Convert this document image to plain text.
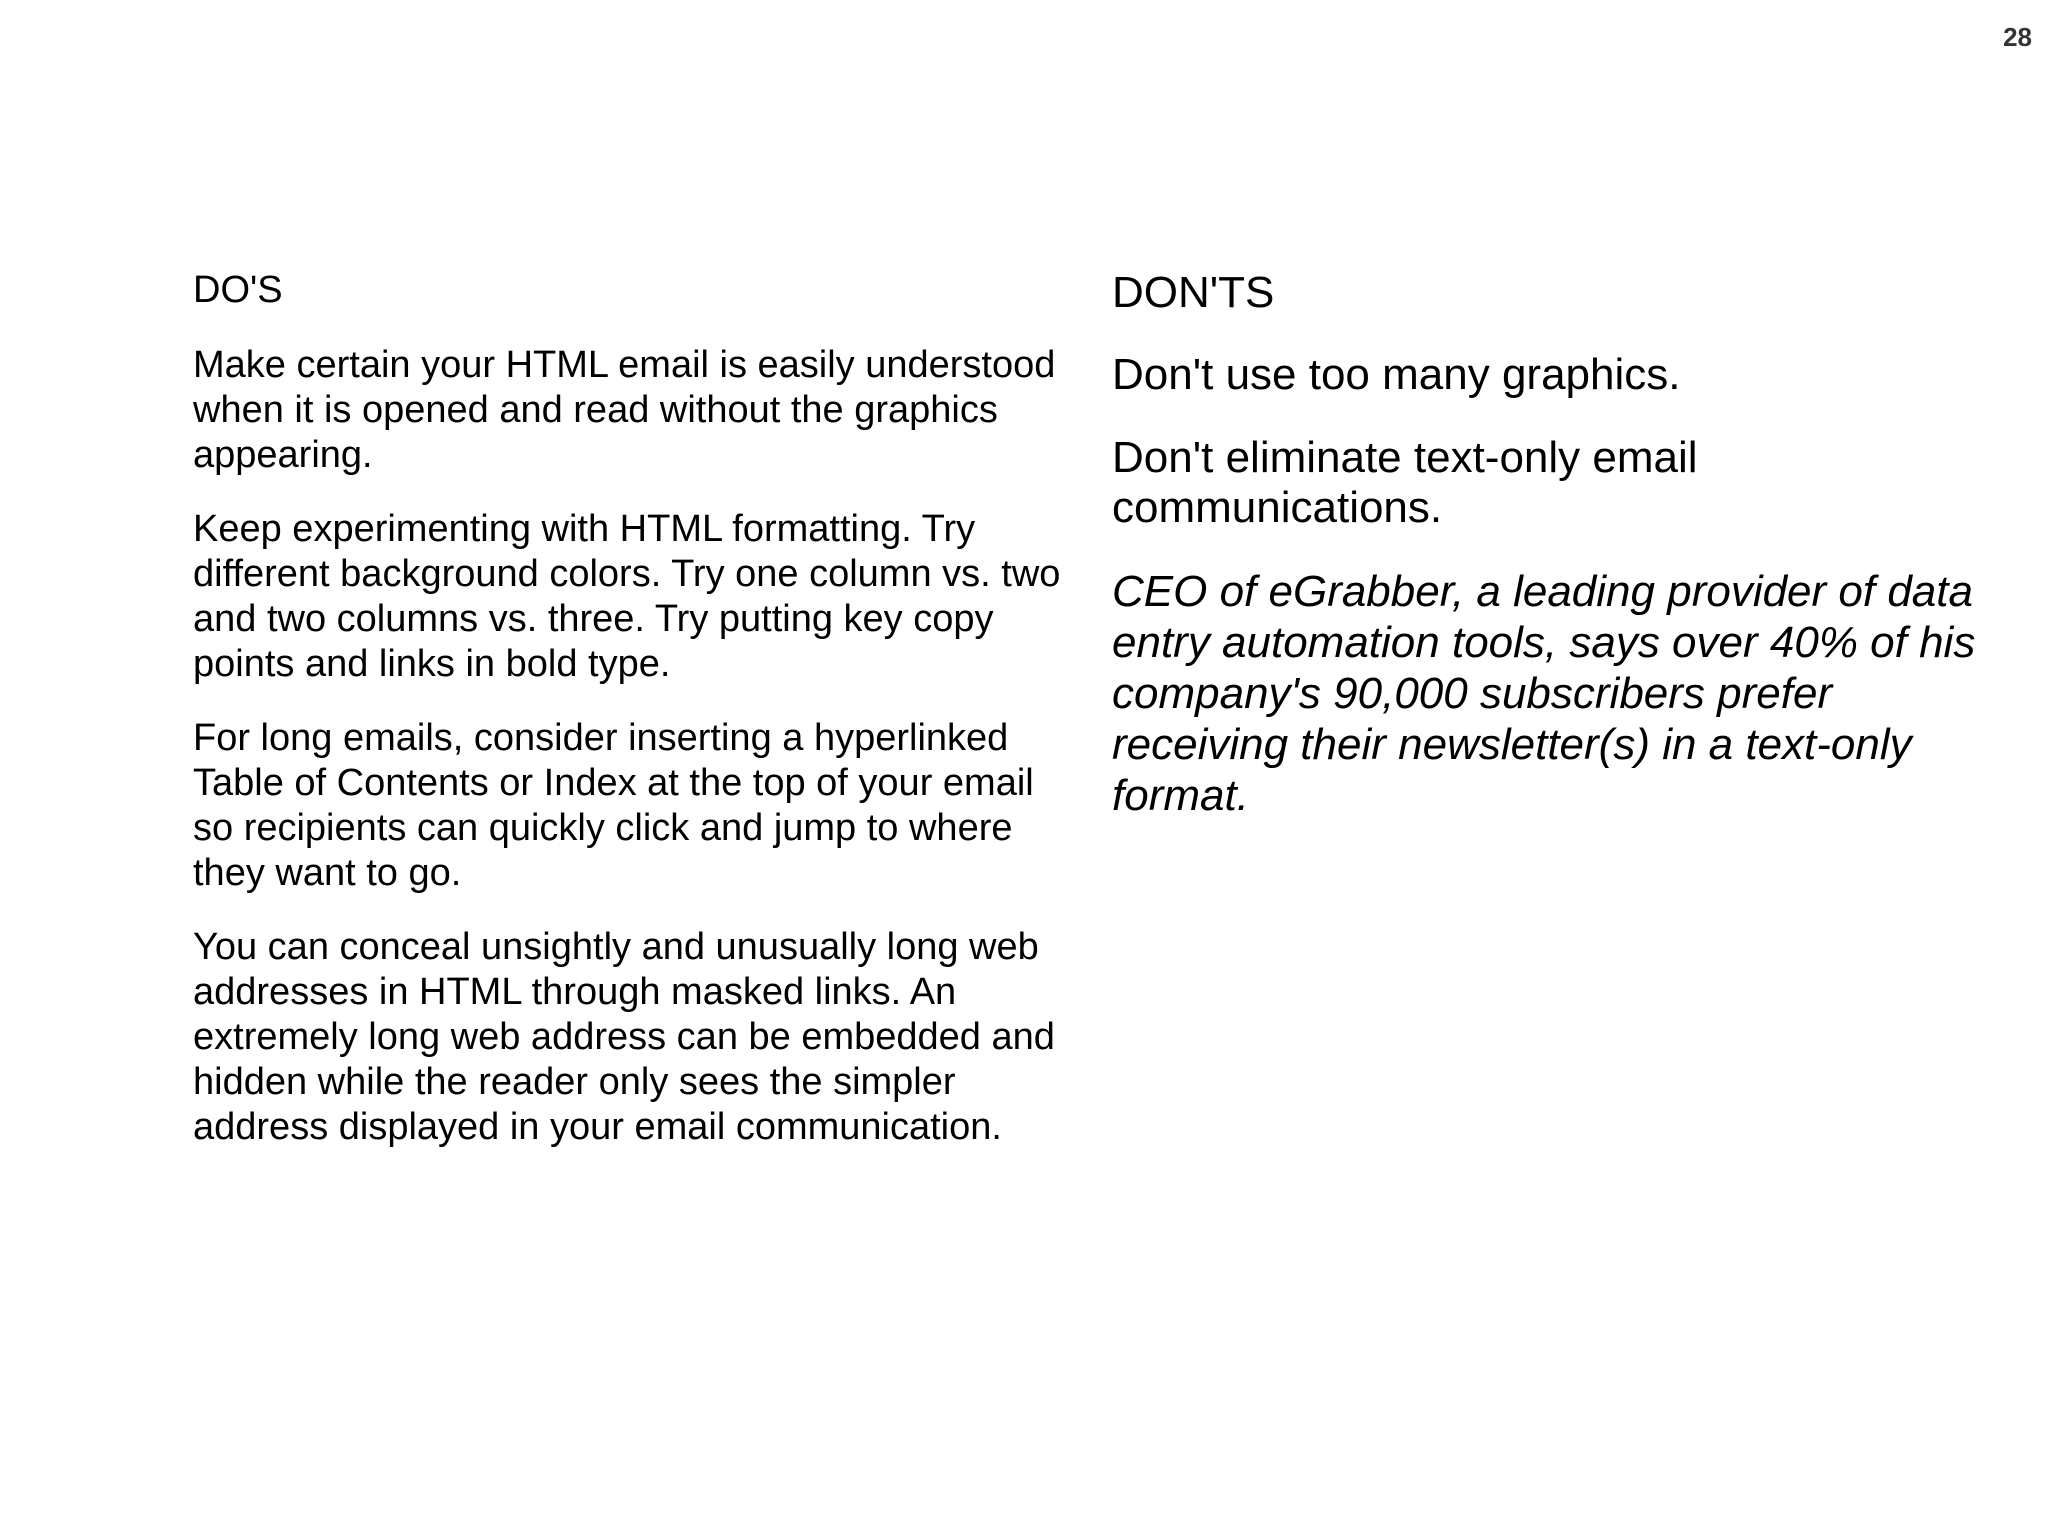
28

DO'S

Make certain your HTML email is easily understood when it is opened and read without the graphics appearing.

Keep experimenting with HTML formatting. Try different background colors. Try one column vs. two and two columns vs. three. Try putting key copy points and links in bold type.

For long emails, consider inserting a hyperlinked Table of Contents or Index at the top of your email so recipients can quickly click and jump to where they want to go.

You can conceal unsightly and unusually long web addresses in HTML through masked links. An extremely long web address can be embedded and hidden while the reader only sees the simpler address displayed in your email communication.

DON'TS

Don't use too many graphics.

Don't eliminate text-only email communications.

CEO of eGrabber, a leading provider of data entry automation tools, says over 40% of his company's 90,000 subscribers prefer receiving their newsletter(s) in a text-only format.
